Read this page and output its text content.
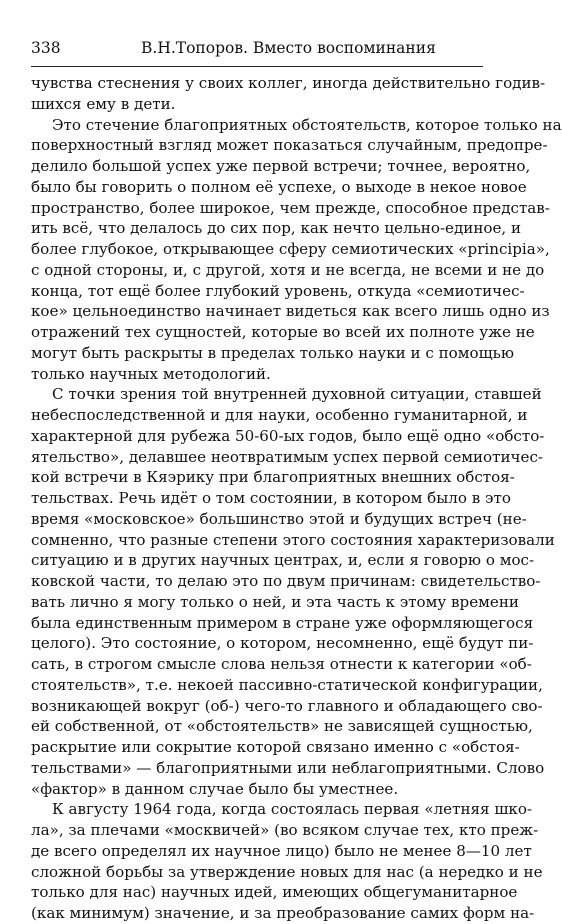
338	В.Н.Топоров. Вместо воспоминания
чувства стеснения у своих коллег, иногда действительно годив-
шихся ему в дети.
Это стечение благоприятных обстоятельств, которое только на
поверхностный взгляд может показаться случайным, предопре-
делило большой успех уже первой встречи; точнее, вероятно,
было бы говорить о полном её успехе, о выходе в некое новое
пространство, более широкое, чем прежде, способное представ-
ить всё, что делалось до сих пор, как нечто цельно-единое, и
более глубокое, открывающее сферу семиотических «principia»,
с одной стороны, и, с другой, хотя и не всегда, не всеми и не до
конца, тот ещё более глубокий уровень, откуда «семиотичес-
кое» цельноединство начинает видеться как всего лишь одно из
отражений тех сущностей, которые во всей их полноте уже не
могут быть раскрыты в пределах только науки и с помощью
только научных методологий.
С точки зрения той внутренней духовной ситуации, ставшей
небеспоследственной и для науки, особенно гуманитарной, и
характерной для рубежа 50-60-ых годов, было ещё одно «обсто-
ятельство», делавшее неотвратимым успех первой семиотичес-
кой встречи в Кяэрику при благоприятных внешних обстоя-
тельствах. Речь идёт о том состоянии, в котором было в это
время «московское» большинство этой и будущих встреч (не-
сомненно, что разные степени этого состояния характеризовали
ситуацию и в других научных центрах, и, если я говорю о мос-
ковской части, то делаю это по двум причинам: свидетельство-
вать лично я могу только о ней, и эта часть к этому времени
была единственным примером в стране уже оформляющегося
целого). Это состояние, о котором, несомненно, ещё будут пи-
сать, в строгом смысле слова нельзя отнести к категории «об-
стоятельств», т.е. некоей пассивно-статической конфигурации,
возникающей вокруг (об-) чего-то главного и обладающего сво-
ей собственной, от «обстоятельств» не зависящей сущностью,
раскрытие или сокрытие которой связано именно с «обстоя-
тельствами» — благоприятными или неблагоприятными. Слово
«фактор» в данном случае было бы уместнее.
К августу 1964 года, когда состоялась первая «летняя шко-
ла», за плечами «москвичей» (во всяком случае тех, кто преж-
де всего определял их научное лицо) было не менее 8—10 лет
сложной борьбы за утверждение новых для нас (а нередко и не
только для нас) научных идей, имеющих общегуманитарное
(как минимум) значение, и за преобразование самих форм на-
